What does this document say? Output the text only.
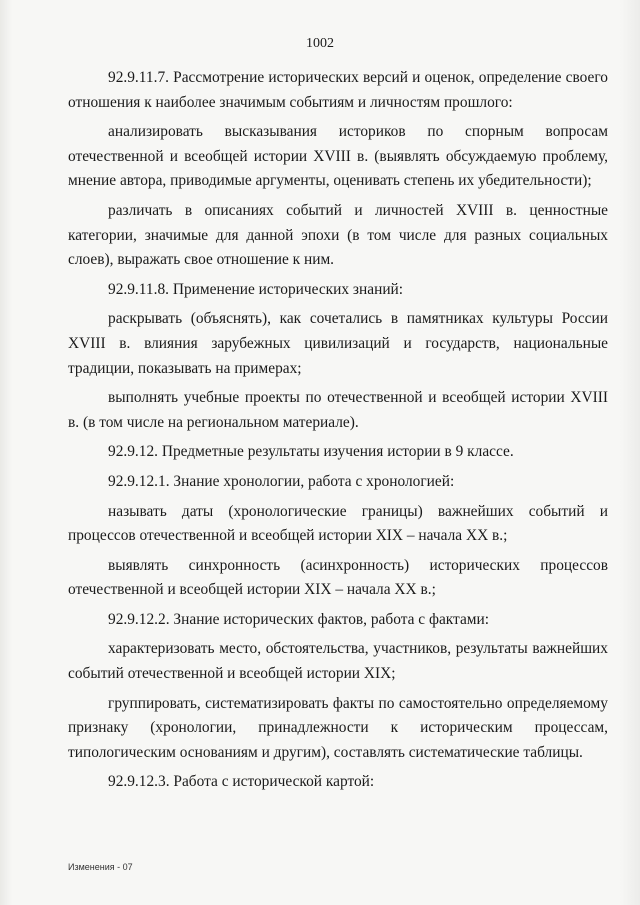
1002

92.9.11.7. Рассмотрение исторических версий и оценок, определение своего отношения к наиболее значимым событиям и личностям прошлого:

анализировать высказывания историков по спорным вопросам отечественной и всеобщей истории XVIII в. (выявлять обсуждаемую проблему, мнение автора, приводимые аргументы, оценивать степень их убедительности);

различать в описаниях событий и личностей XVIII в. ценностные категории, значимые для данной эпохи (в том числе для разных социальных слоев), выражать свое отношение к ним.

92.9.11.8. Применение исторических знаний:

раскрывать (объяснять), как сочетались в памятниках культуры России XVIII в. влияния зарубежных цивилизаций и государств, национальные традиции, показывать на примерах;

выполнять учебные проекты по отечественной и всеобщей истории XVIII в. (в том числе на региональном материале).

92.9.12. Предметные результаты изучения истории в 9 классе.

92.9.12.1. Знание хронологии, работа с хронологией:

называть даты (хронологические границы) важнейших событий и процессов отечественной и всеобщей истории XIX – начала XX в.;

выявлять синхронность (асинхронность) исторических процессов отечественной и всеобщей истории XIX – начала XX в.;

92.9.12.2. Знание исторических фактов, работа с фактами:

характеризовать место, обстоятельства, участников, результаты важнейших событий отечественной и всеобщей истории XIX;

группировать, систематизировать факты по самостоятельно определяемому признаку (хронологии, принадлежности к историческим процессам, типологическим основаниям и другим), составлять систематические таблицы.

92.9.12.3. Работа с исторической картой:

Изменения - 07
